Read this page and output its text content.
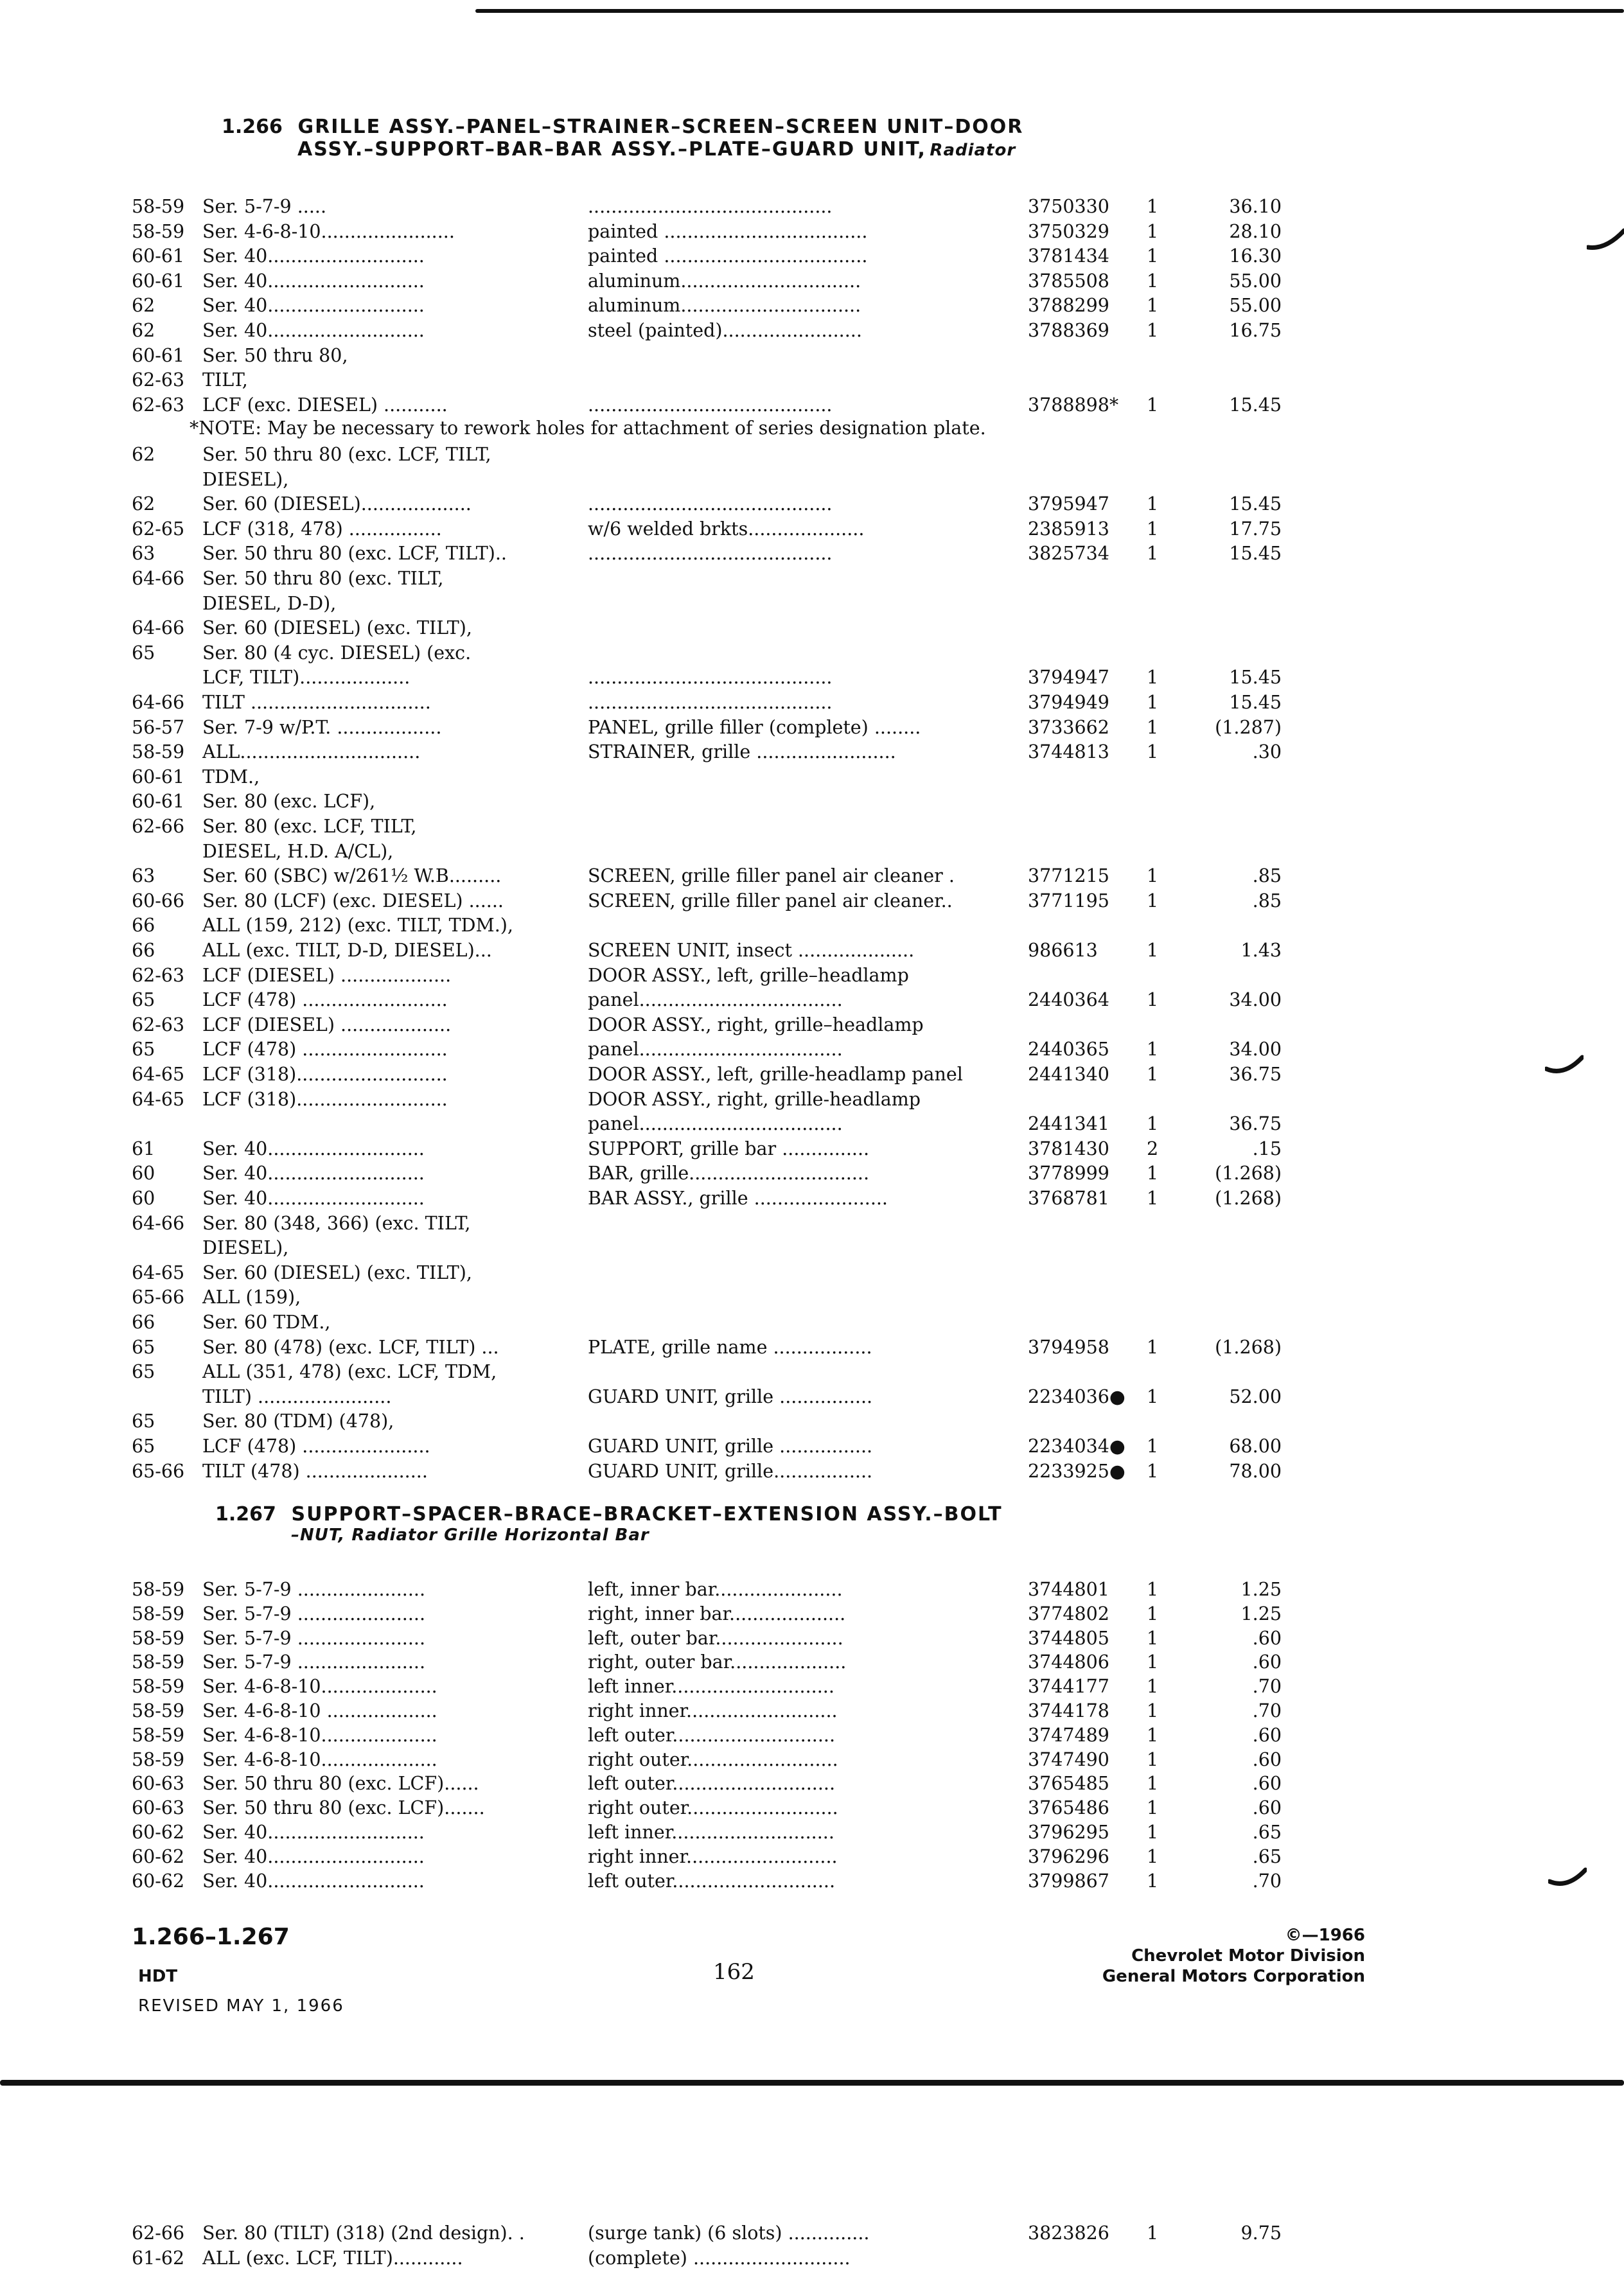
1.266 GRILLE ASSY.–PANEL–STRAINER–SCREEN–SCREEN UNIT–DOOR
ASSY.–SUPPORT–BAR–BAR ASSY.–PLATE–GUARD UNIT, Radiator
58-59 Ser. 5-7-9 .....	..........................................	3750330	1	36.10
58-59 Ser. 4-6-8-10.......................	painted ...................................	3750329	1	28.10
60-61 Ser. 40...........................	painted ...................................	3781434	1	16.30
60-61 Ser. 40...........................	aluminum...............................	3785508	1	55.00
62	Ser. 40...........................	aluminum...............................	3788299	1	55.00
62	Ser. 40...........................	steel (painted)........................	3788369	1	16.75
60-61 Ser. 50 thru 80,
62-63 TILT,
62-63 LCF (exc. DIESEL) ...........	..........................................	3788898*	1	15.45
*NOTE: May be necessary to rework holes for attachment of series designation plate.
62	Ser. 50 thru 80 (exc. LCF, TILT,
DIESEL),
62	Ser. 60 (DIESEL)...................	..........................................	3795947	1	15.45
62-65 LCF (318, 478) ................	w/6 welded brkts....................	2385913	1	17.75
63	Ser. 50 thru 80 (exc. LCF, TILT)..	..........................................	3825734	1	15.45
64-66 Ser. 50 thru 80 (exc. TILT,
DIESEL, D-D),
64-66 Ser. 60 (DIESEL) (exc. TILT),
65	Ser. 80 (4 cyc. DIESEL) (exc.
LCF, TILT)...................	..........................................	3794947	1	15.45
64-66 TILT ...............................	..........................................	3794949	1	15.45
56-57 Ser. 7-9 w/P.T. ..................	PANEL, grille filler (complete) ........	3733662	1	(1.287)
58-59 ALL...............................	STRAINER, grille ........................	3744813	1	.30
60-61 TDM.,
60-61 Ser. 80 (exc. LCF),
62-66 Ser. 80 (exc. LCF, TILT,
DIESEL, H.D. A/CL),
63	Ser. 60 (SBC) w/261½ W.B.........	SCREEN, grille filler panel air cleaner .	3771215	1	.85
60-66 Ser. 80 (LCF) (exc. DIESEL) ......	SCREEN, grille filler panel air cleaner..	3771195	1	.85
66	ALL (159, 212) (exc. TILT, TDM.),
66	ALL (exc. TILT, D-D, DIESEL)...	SCREEN UNIT, insect ....................	986613	1	1.43
62-63 LCF (DIESEL) ...................	DOOR ASSY., left, grille–headlamp
65	LCF (478) .........................	panel...................................	2440364	1	34.00
62-63 LCF (DIESEL) ...................	DOOR ASSY., right, grille–headlamp
65	LCF (478) .........................	panel...................................	2440365	1	34.00
64-65 LCF (318)..........................	DOOR ASSY., left, grille-headlamp panel	2441340	1	36.75
64-65 LCF (318)..........................	DOOR ASSY., right, grille-headlamp
panel...................................	2441341	1	36.75
61	Ser. 40...........................	SUPPORT, grille bar ...............	3781430	2	.15
60	Ser. 40...........................	BAR, grille...............................	3778999	1	(1.268)
60	Ser. 40...........................	BAR ASSY., grille .......................	3768781	1	(1.268)
64-66 Ser. 80 (348, 366) (exc. TILT,
DIESEL),
64-65 Ser. 60 (DIESEL) (exc. TILT),
65-66 ALL (159),
66	Ser. 60 TDM.,
65	Ser. 80 (478) (exc. LCF, TILT) ...	PLATE, grille name .................	3794958	1	(1.268)
65	ALL (351, 478) (exc. LCF, TDM,
TILT) .......................	GUARD UNIT, grille ................	2234036● 1	52.00
65	Ser. 80 (TDM) (478),
65	LCF (478) ......................	GUARD UNIT, grille ................	2234034● 1	68.00
65-66 TILT (478) .....................	GUARD UNIT, grille.................	2233925● 1	78.00
1.267 SUPPORT–SPACER–BRACE–BRACKET–EXTENSION ASSY.–BOLT
–NUT, Radiator Grille Horizontal Bar
58-59 Ser. 5-7-9 ......................	left, inner bar......................	3744801	1	1.25
58-59 Ser. 5-7-9 ......................	right, inner bar....................	3774802	1	1.25
58-59 Ser. 5-7-9 ......................	left, outer bar......................	3744805	1	.60
58-59 Ser. 5-7-9 ......................	right, outer bar....................	3744806	1	.60
58-59 Ser. 4-6-8-10....................	left inner............................	3744177	1	.70
58-59 Ser. 4-6-8-10 ...................	right inner..........................	3744178	1	.70
58-59 Ser. 4-6-8-10....................	left outer............................	3747489	1	.60
58-59 Ser. 4-6-8-10....................	right outer..........................	3747490	1	.60
60-63 Ser. 50 thru 80 (exc. LCF)......	left outer............................	3765485	1	.60
60-63 Ser. 50 thru 80 (exc. LCF).......	right outer..........................	3765486	1	.60
60-62 Ser. 40...........................	left inner............................	3796295	1	.65
60-62 Ser. 40...........................	right inner..........................	3796296	1	.65
60-62 Ser. 40...........................	left outer............................	3799867	1	.70
1.266–1.267
HDT
REVISED MAY 1, 1966
162
©—1966
Chevrolet Motor Division
General Motors Corporation
62-66 Ser. 80 (TILT) (318) (2nd design). .	(surge tank) (6 slots) ..............	3823826	1	9.75
61-62 ALL (exc. LCF, TILT)............	(complete) ...........................
